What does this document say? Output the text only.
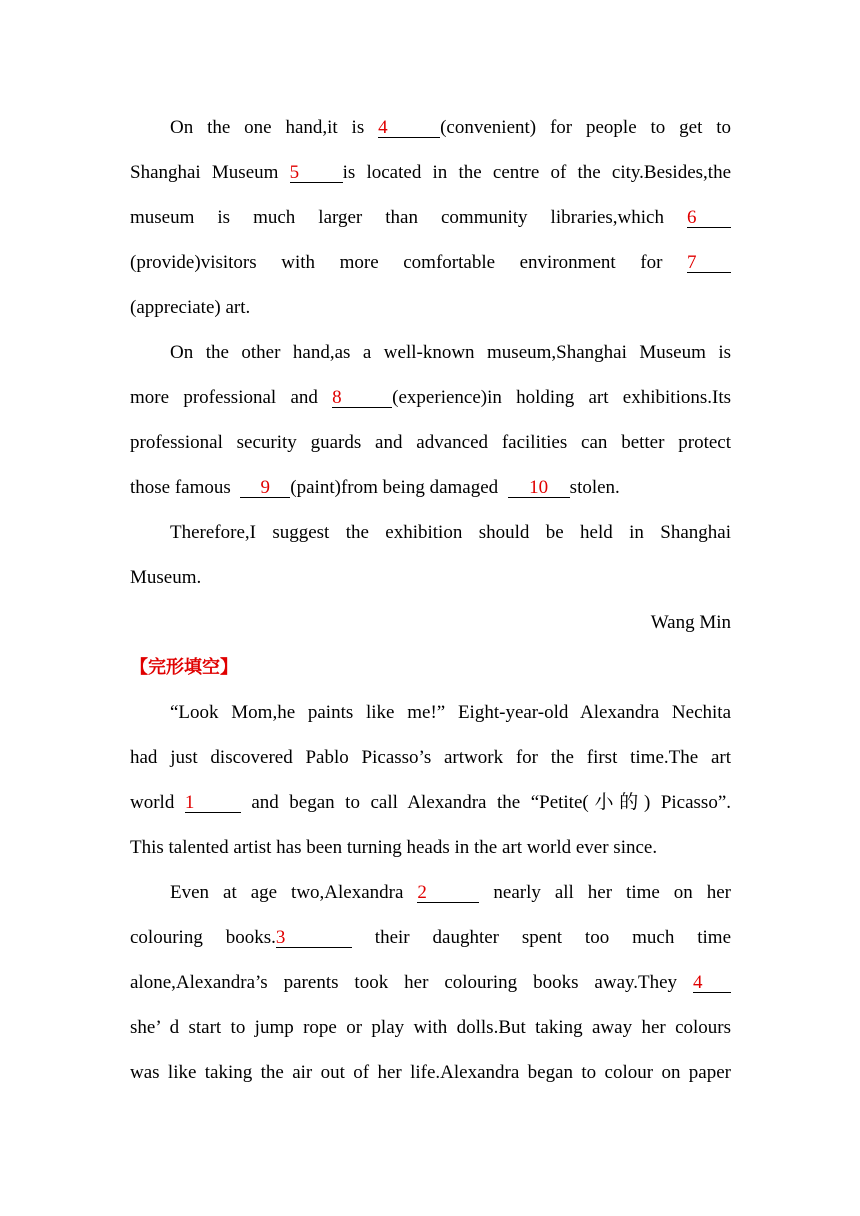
On the one hand,it is 4	(convenient) for people to get to
Shanghai Museum 5 is located in the centre of the city.Besides,the
museum is much larger than community libraries,which 6
(provide)visitors with more comfortable environment for 7
(appreciate) art.
On the other hand,as a well-known museum,Shanghai Museum is
more professional and 8	(experience)in holding art exhibitions.Its
professional security guards and advanced facilities can better protect
those famous 9 (paint)from being damaged 10 stolen.
Therefore,I suggest the exhibition should be held in Shanghai
Museum.
Wang Min
【完形填空】
“Look Mom,he paints like me!” Eight-year-old Alexandra Nechita
had just discovered Pablo Picasso’s artwork for the first time.The art
world 1	and began to call Alexandra the “Petite(小的) Picasso”.
This talented artist has been turning heads in the art world ever since.
Even at age two,Alexandra 2	nearly all her time on her
colouring books.3	their daughter spent too much time
alone,Alexandra’s parents took her colouring books away.They 4
she’ d start to jump rope or play with dolls.But taking away her colours
was like taking the air out of her life.Alexandra began to colour on paper
